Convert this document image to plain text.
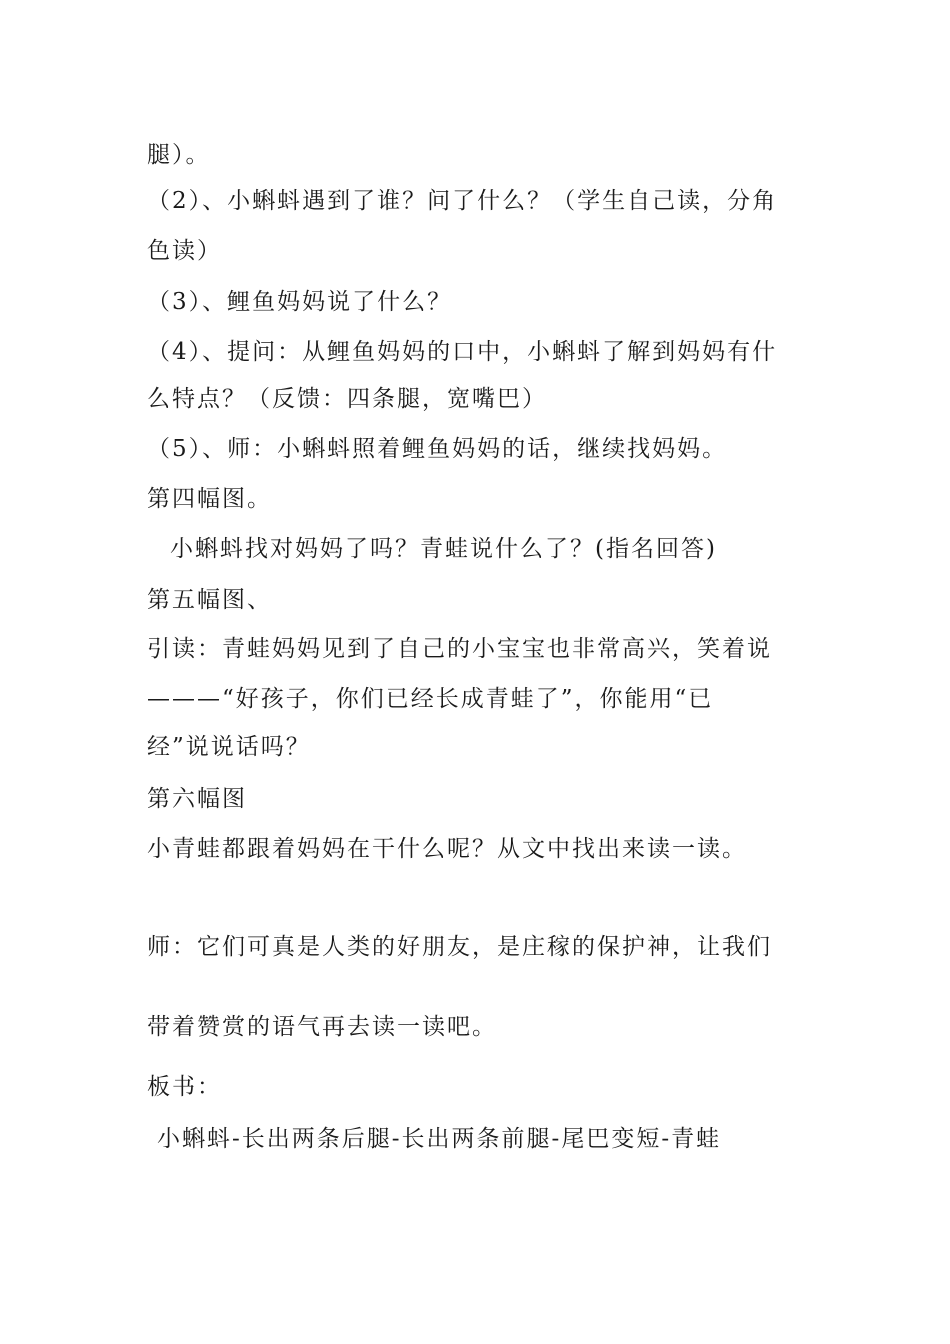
腿）。
（2）、小蝌蚪遇到了谁？问了什么？（学生自己读，分角
色读）
（3）、鲤鱼妈妈说了什么？
（4）、提问：从鲤鱼妈妈的口中，小蝌蚪了解到妈妈有什
么特点？（反馈：四条腿，宽嘴巴）
（5）、师：小蝌蚪照着鲤鱼妈妈的话，继续找妈妈。
第四幅图。
小蝌蚪找对妈妈了吗？青蛙说什么了？(指名回答)
第五幅图、
引读：青蛙妈妈见到了自己的小宝宝也非常高兴，笑着说
———“好孩子，你们已经长成青蛙了”，你能用“已
经”说说话吗？
第六幅图
小青蛙都跟着妈妈在干什么呢？从文中找出来读一读。
师：它们可真是人类的好朋友，是庄稼的保护神，让我们
带着赞赏的语气再去读一读吧。
板书：
小蝌蚪-长出两条后腿-长出两条前腿-尾巴变短-青蛙
